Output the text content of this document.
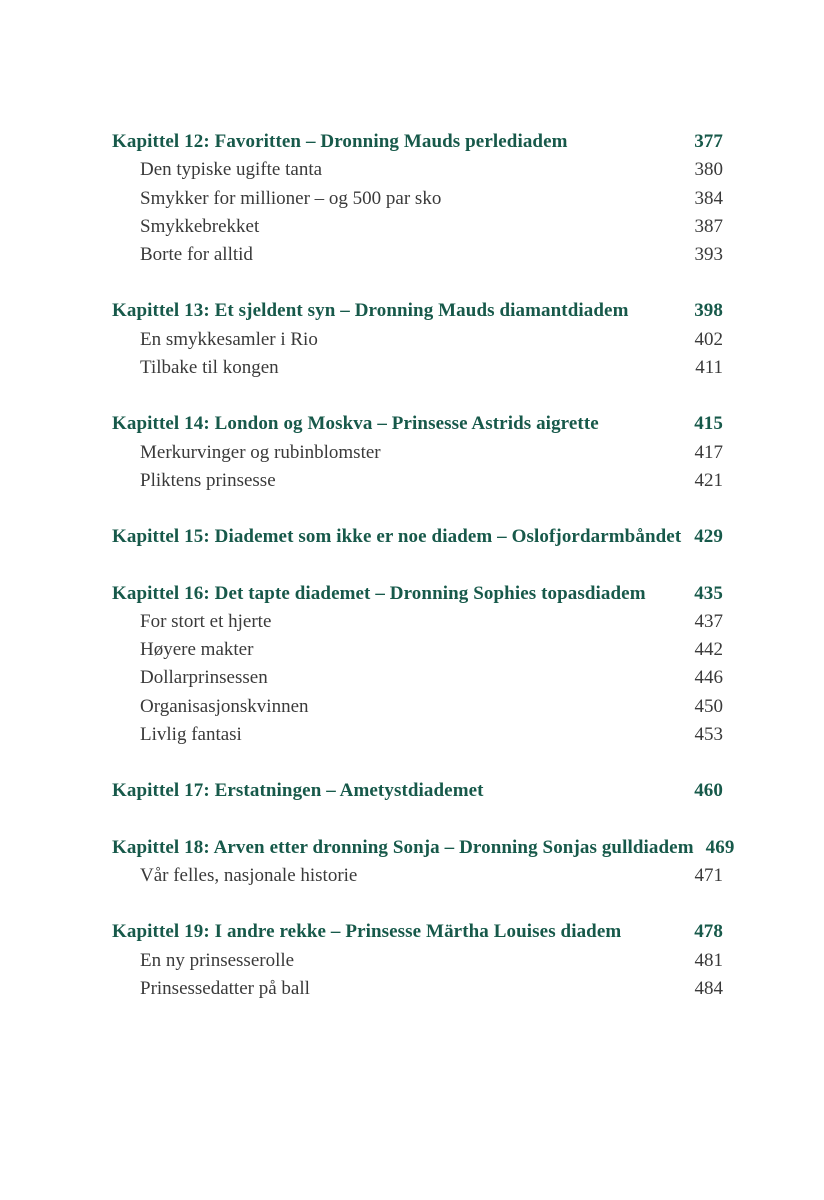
Kapittel 12: Favoritten – Dronning Mauds perlediadem	377
Den typiske ugifte tanta	380
Smykker for millioner – og 500 par sko	384
Smykkebrekket	387
Borte for alltid	393
Kapittel 13: Et sjeldent syn – Dronning Mauds diamantdiadem	398
En smykkesamler i Rio	402
Tilbake til kongen	411
Kapittel 14: London og Moskva – Prinsesse Astrids aigrette	415
Merkurvinger og rubinblomster	417
Pliktens prinsesse	421
Kapittel 15: Diademet som ikke er noe diadem – Oslofjordarmbåndet 429
Kapittel 16: Det tapte diademet – Dronning Sophies topasdiadem	435
For stort et hjerte	437
Høyere makter	442
Dollarprinsessen	446
Organisasjonskvinnen	450
Livlig fantasi	453
Kapittel 17: Erstatningen – Ametystdiademet	460
Kapittel 18: Arven etter dronning Sonja – Dronning Sonjas gulldiadem 469
Vår felles, nasjonale historie	471
Kapittel 19: I andre rekke – Prinsesse Märtha Louises diadem	478
En ny prinsesserolle	481
Prinsessedatter på ball	484
